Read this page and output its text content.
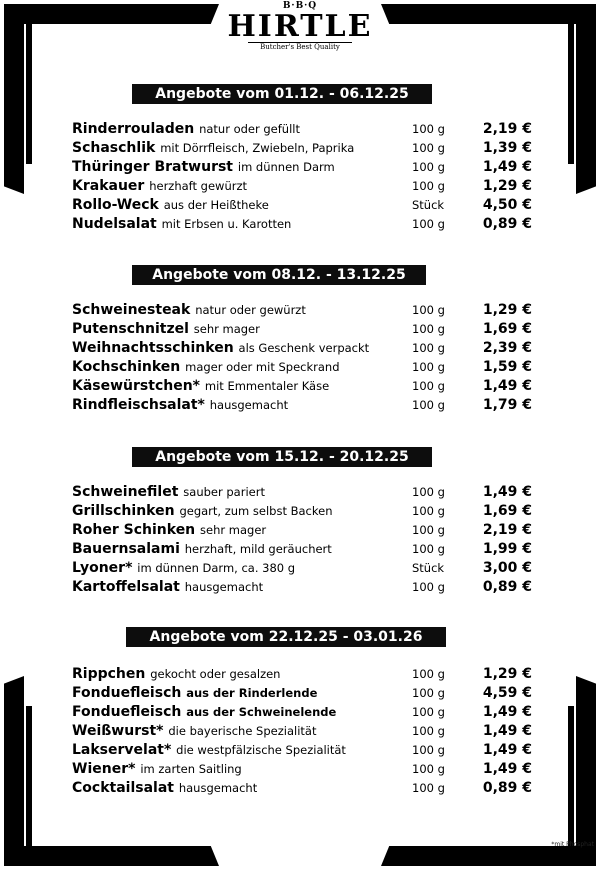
B·B·Q
HIRTLE
Butcher's Best Quality
Angebote vom 01.12. - 06.12.25
Rinderrouladen natur oder gefüllt	100 g	2,19 €
Schaschlik mit Dörrfleisch, Zwiebeln, Paprika	100 g	1,39 €
Thüringer Bratwurst im dünnen Darm	100 g	1,49 €
Krakauer herzhaft gewürzt	100 g	1,29 €
Rollo-Weck aus der Heißtheke	Stück	4,50 €
Nudelsalat mit Erbsen u. Karotten	100 g	0,89 €
Angebote vom 08.12. - 13.12.25
Schweinesteak natur oder gewürzt	100 g	1,29 €
Putenschnitzel sehr mager	100 g	1,69 €
Weihnachtsschinken als Geschenk verpackt	100 g	2,39 €
Kochschinken mager oder mit Speckrand	100 g	1,59 €
Käsewürstchen* mit Emmentaler Käse	100 g	1,49 €
Rindfleischsalat* hausgemacht	100 g	1,79 €
Angebote vom 15.12. - 20.12.25
Schweinefilet sauber pariert	100 g	1,49 €
Grillschinken gegart, zum selbst Backen	100 g	1,69 €
Roher Schinken sehr mager	100 g	2,19 €
Bauernsalami herzhaft, mild geräuchert	100 g	1,99 €
Lyoner* im dünnen Darm, ca. 380 g	Stück	3,00 €
Kartoffelsalat hausgemacht	100 g	0,89 €
Angebote vom 22.12.25 - 03.01.26
Rippchen gekocht oder gesalzen	100 g	1,29 €
Fonduefleisch aus der Rinderlende	100 g	4,59 €
Fonduefleisch aus der Schweinelende	100 g	1,49 €
Weißwurst* die bayerische Spezialität	100 g	1,49 €
Lakservelat* die westpfälzische Spezialität	100 g	1,49 €
Wiener* im zarten Saitling	100 g	1,49 €
Cocktailsalat hausgemacht	100 g	0,89 €
*mit Phosphat
